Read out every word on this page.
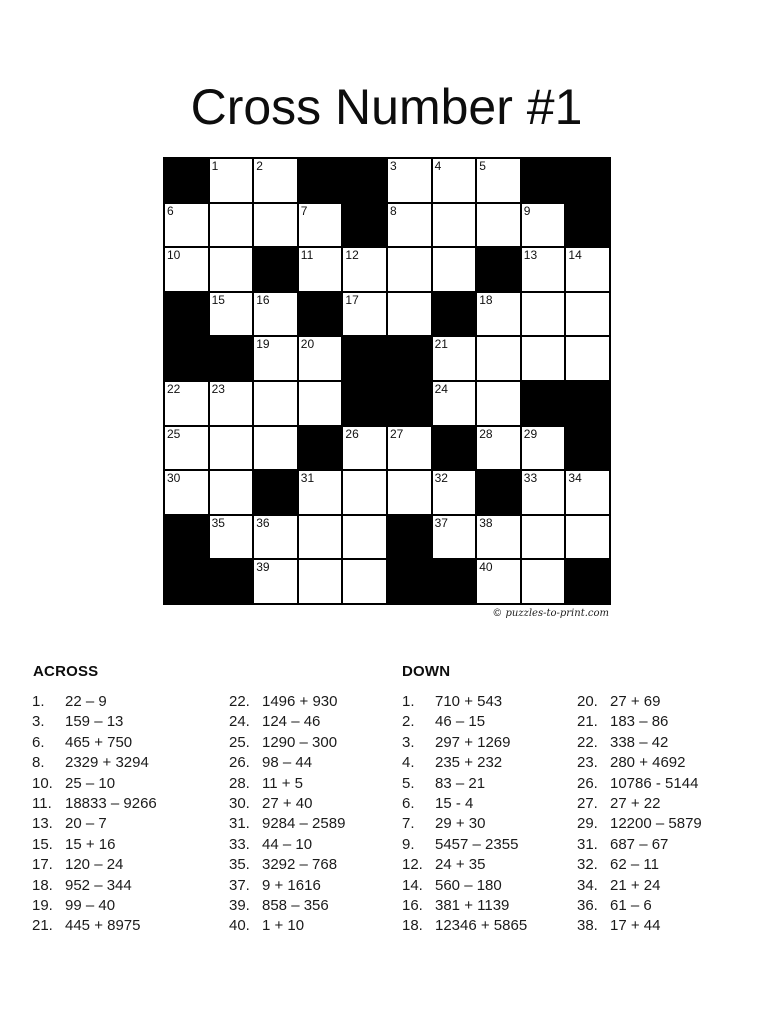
Cross Number #1
1	2	3	4	5
6	7	8	9
10	11	12	13	14
15	16	17	18
19	20	21
22	23	24
25	26	27	28	29
30	31	32	33	34
35	36	37	38
39	40
© puzzles-to-print.com
ACROSS
1. 22 – 9
3. 159 – 13
6. 465 + 750
8. 2329 + 3294
10. 25 – 10
11. 18833 – 9266
13. 20 – 7
15. 15 + 16
17. 120 – 24
18. 952 – 344
19. 99 – 40
21. 445 + 8975
22. 1496 + 930
24. 124 – 46
25. 1290 – 300
26. 98 – 44
28. 11 + 5
30. 27 + 40
31. 9284 – 2589
33. 44 – 10
35. 3292 – 768
37. 9 + 1616
39. 858 – 356
40. 1 + 10
DOWN
1. 710 + 543
2. 46 – 15
3. 297 + 1269
4. 235 + 232
5. 83 – 21
6. 15 - 4
7. 29 + 30
9. 5457 – 2355
12. 24 + 35
14. 560 – 180
16. 381 + 1139
18. 12346 + 5865
20. 27 + 69
21. 183 – 86
22. 338 – 42
23. 280 + 4692
26. 10786 - 5144
27. 27 + 22
29. 12200 – 5879
31. 687 – 67
32. 62 – 11
34. 21 + 24
36. 61 – 6
38. 17 + 44
